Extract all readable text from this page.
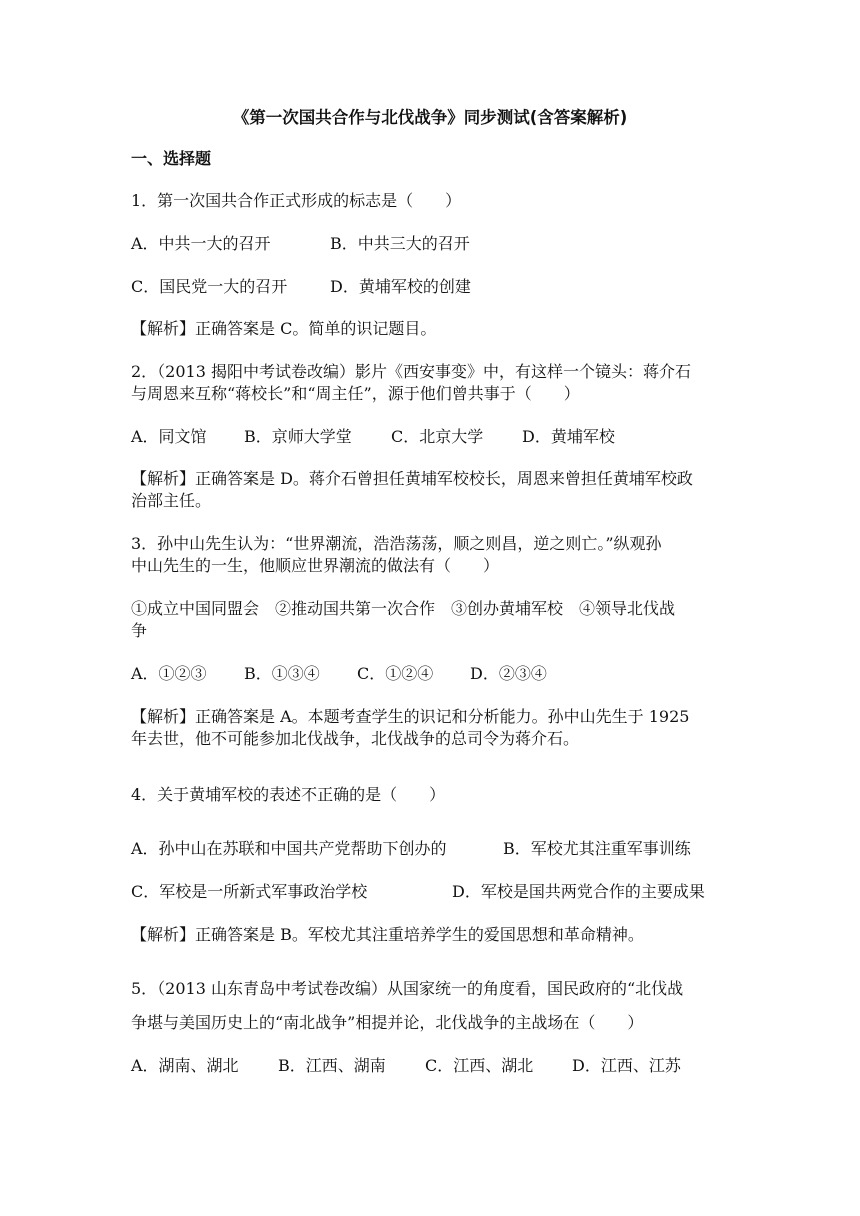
《第一次国共合作与北伐战争》同步测试(含答案解析)
一、选择题
1．第一次国共合作正式形成的标志是（　　）
A．中共一大的召开	B．中共三大的召开
C．国民党一大的召开	D．黄埔军校的创建
【解析】正确答案是 C。简单的识记题目。
2．（2013 揭阳中考试卷改编）影片《西安事变》中，有这样一个镜头：蒋介石
与周恩来互称“蒋校长”和“周主任”，源于他们曾共事于（　　）
A．同文馆 B．京师大学堂 C．北京大学 D．黄埔军校
【解析】正确答案是 D。蒋介石曾担任黄埔军校校长，周恩来曾担任黄埔军校政
治部主任。
3．孙中山先生认为：“世界潮流，浩浩荡荡，顺之则昌，逆之则亡。”纵观孙
中山先生的一生，他顺应世界潮流的做法有（　　）
①成立中国同盟会　②推动国共第一次合作　③创办黄埔军校　④领导北伐战
争
A．①②③ B．①③④ C．①②④ D．②③④
【解析】正确答案是 A。本题考查学生的识记和分析能力。孙中山先生于 1925
年去世，他不可能参加北伐战争，北伐战争的总司令为蒋介石。
4．关于黄埔军校的表述不正确的是（　　）
A．孙中山在苏联和中国共产党帮助下创办的	B．军校尤其注重军事训练
C．军校是一所新式军事政治学校	D．军校是国共两党合作的主要成果
【解析】正确答案是 B。军校尤其注重培养学生的爱国思想和革命精神。
5．（2013 山东青岛中考试卷改编）从国家统一的角度看，国民政府的“北伐战
争堪与美国历史上的“南北战争”相提并论，北伐战争的主战场在（　　）
A．湖南、湖北 B．江西、湖南 C．江西、湖北 D．江西、江苏
